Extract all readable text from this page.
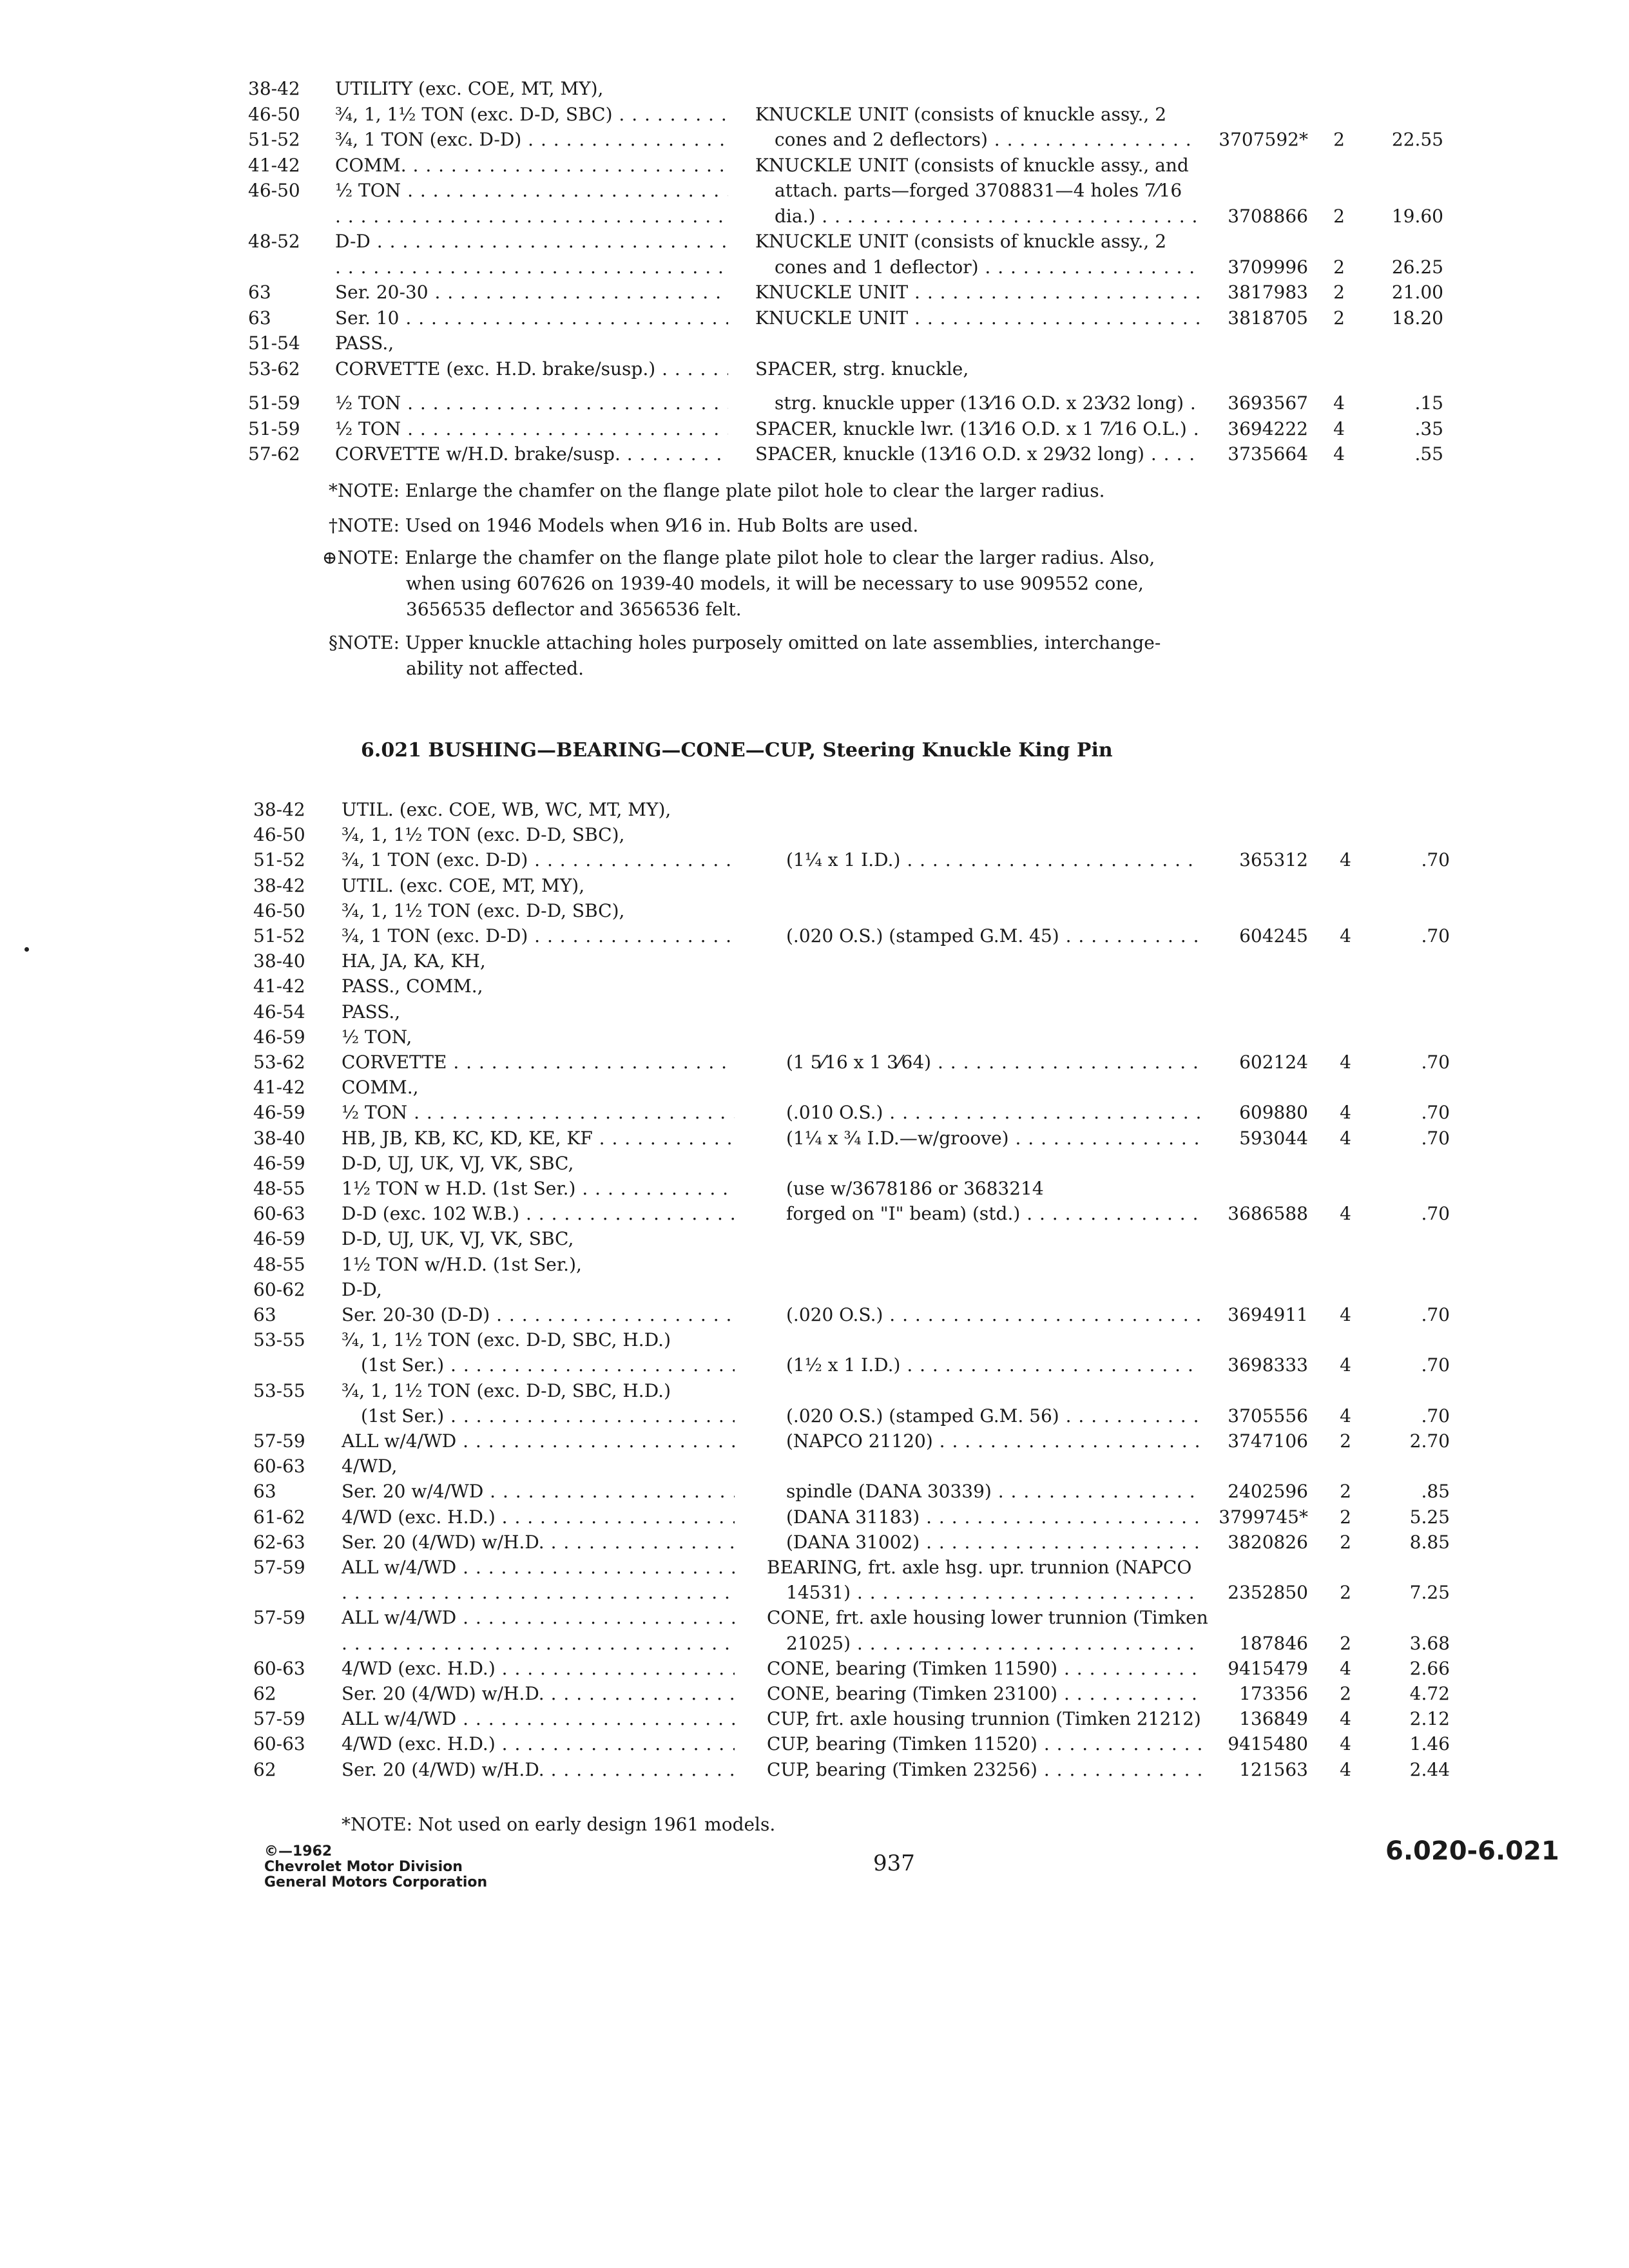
38-42 UTILITY (exc. COE, MT, MY),
46-50 ¾, 1, 1½ TON (exc. D-D, SBC) . . .	KNUCKLE UNIT (consists of knuckle assy., 2
51-52 ¾, 1 TON (exc. D-D) . . .	cones and 2 deflectors) . . .	3707592*	2	22.55
41-42 COMM. . . .	KNUCKLE UNIT (consists of knuckle assy., and
46-50 ½ TON . . .	attach. parts—forged 3708831—4 holes 7⁄16
. . .
dia.) . . .	3708866	2	19.60
48-52 D-D . . .	KNUCKLE UNIT (consists of knuckle assy., 2
. . .
cones and 1 deflector) . . .	3709996	2	26.25
63	Ser. 20-30 . . .	KNUCKLE UNIT . . .	3817983	2	21.00
63	Ser. 10 . . .	KNUCKLE UNIT . . .	3818705	2	18.20
51-54 PASS.,
53-62 CORVETTE (exc. H.D. brake/susp.) . . .	SPACER, strg. knuckle,
51-59 ½ TON . . .	strg. knuckle upper (13⁄16 O.D. x 23⁄32 long) . . .	3693567	4	.15
51-59 ½ TON . . .	SPACER, knuckle lwr. (13⁄16 O.D. x 1 7⁄16 O.L.) . . .	3694222	4	.35
57-62 CORVETTE w/H.D. brake/susp. . . .	SPACER, knuckle (13⁄16 O.D. x 29⁄32 long) . . .	3735664	4	.55
*NOTE: Enlarge the chamfer on the flange plate pilot hole to clear the larger radius.
†NOTE: Used on 1946 Models when 9⁄16 in. Hub Bolts are used.
⊕NOTE: Enlarge the chamfer on the flange plate pilot hole to clear the larger radius. Also,
when using 607626 on 1939-40 models, it will be necessary to use 909552 cone,
3656535 deflector and 3656536 felt.
§NOTE: Upper knuckle attaching holes purposely omitted on late assemblies, interchange-
ability not affected.
6.021 BUSHING—BEARING—CONE—CUP, Steering Knuckle King Pin
38-42 UTIL. (exc. COE, WB, WC, MT, MY),
46-50 ¾, 1, 1½ TON (exc. D-D, SBC),
51-52 ¾, 1 TON (exc. D-D) . . .	(1¼ x 1 I.D.) . . .	365312	4	.70
38-42 UTIL. (exc. COE, MT, MY),
46-50 ¾, 1, 1½ TON (exc. D-D, SBC),
51-52 ¾, 1 TON (exc. D-D) . . .	(.020 O.S.) (stamped G.M. 45) . . .	604245	4	.70
38-40 HA, JA, KA, KH,
41-42 PASS., COMM.,
46-54 PASS.,
46-59 ½ TON,
53-62 CORVETTE . . .	(1 5⁄16 x 1 3⁄64) . . .	602124	4	.70
41-42 COMM.,
46-59 ½ TON . . .	(.010 O.S.) . . .	609880	4	.70
38-40 HB, JB, KB, KC, KD, KE, KF . . .	(1¼ x ¾ I.D.—w/groove) . . .	593044	4	.70
46-59 D-D, UJ, UK, VJ, VK, SBC,
48-55 1½ TON w H.D. (1st Ser.) . . .	(use w/3678186 or 3683214
60-63 D-D (exc. 102 W.B.) . . .	forged on "I" beam) (std.) . . .	3686588	4	.70
46-59 D-D, UJ, UK, VJ, VK, SBC,
48-55 1½ TON w/H.D. (1st Ser.),
60-62 D-D,
63	Ser. 20-30 (D-D) . . .	(.020 O.S.) . . .	3694911	4	.70
53-55 ¾, 1, 1½ TON (exc. D-D, SBC, H.D.)
(1st Ser.) . . .	(1½ x 1 I.D.) . . .	3698333	4	.70
53-55 ¾, 1, 1½ TON (exc. D-D, SBC, H.D.)
(1st Ser.) . . .	(.020 O.S.) (stamped G.M. 56) . . .	3705556	4	.70
57-59 ALL w/4/WD . . .	(NAPCO 21120) . . .	3747106	2	2.70
60-63 4/WD,
63	Ser. 20 w/4/WD . . .	spindle (DANA 30339) . . .	2402596	2	.85
61-62 4/WD (exc. H.D.) . . .	(DANA 31183) . . .	3799745*	2	5.25
62-63 Ser. 20 (4/WD) w/H.D. . . .	(DANA 31002) . . .	3820826	2	8.85
57-59 ALL w/4/WD . . .	BEARING, frt. axle hsg. upr. trunnion (NAPCO
. . .
14531) . . .	2352850	2	7.25
57-59 ALL w/4/WD . . .	CONE, frt. axle housing lower trunnion (Timken
. . .
21025) . . .	187846	2	3.68
60-63 4/WD (exc. H.D.) . . .	CONE, bearing (Timken 11590) . . .	9415479	4	2.66
62	Ser. 20 (4/WD) w/H.D. . . .	CONE, bearing (Timken 23100) . . .	173356	2	4.72
57-59 ALL w/4/WD . . .	CUP, frt. axle housing trunnion (Timken 21212) . . .	136849	4	2.12
60-63 4/WD (exc. H.D.) . . .	CUP, bearing (Timken 11520) . . .	9415480	4	1.46
62	Ser. 20 (4/WD) w/H.D. . . .	CUP, bearing (Timken 23256) . . .	121563	4	2.44
*NOTE: Not used on early design 1961 models.
©—1962
Chevrolet Motor Division
General Motors Corporation
937	6.020-6.021
